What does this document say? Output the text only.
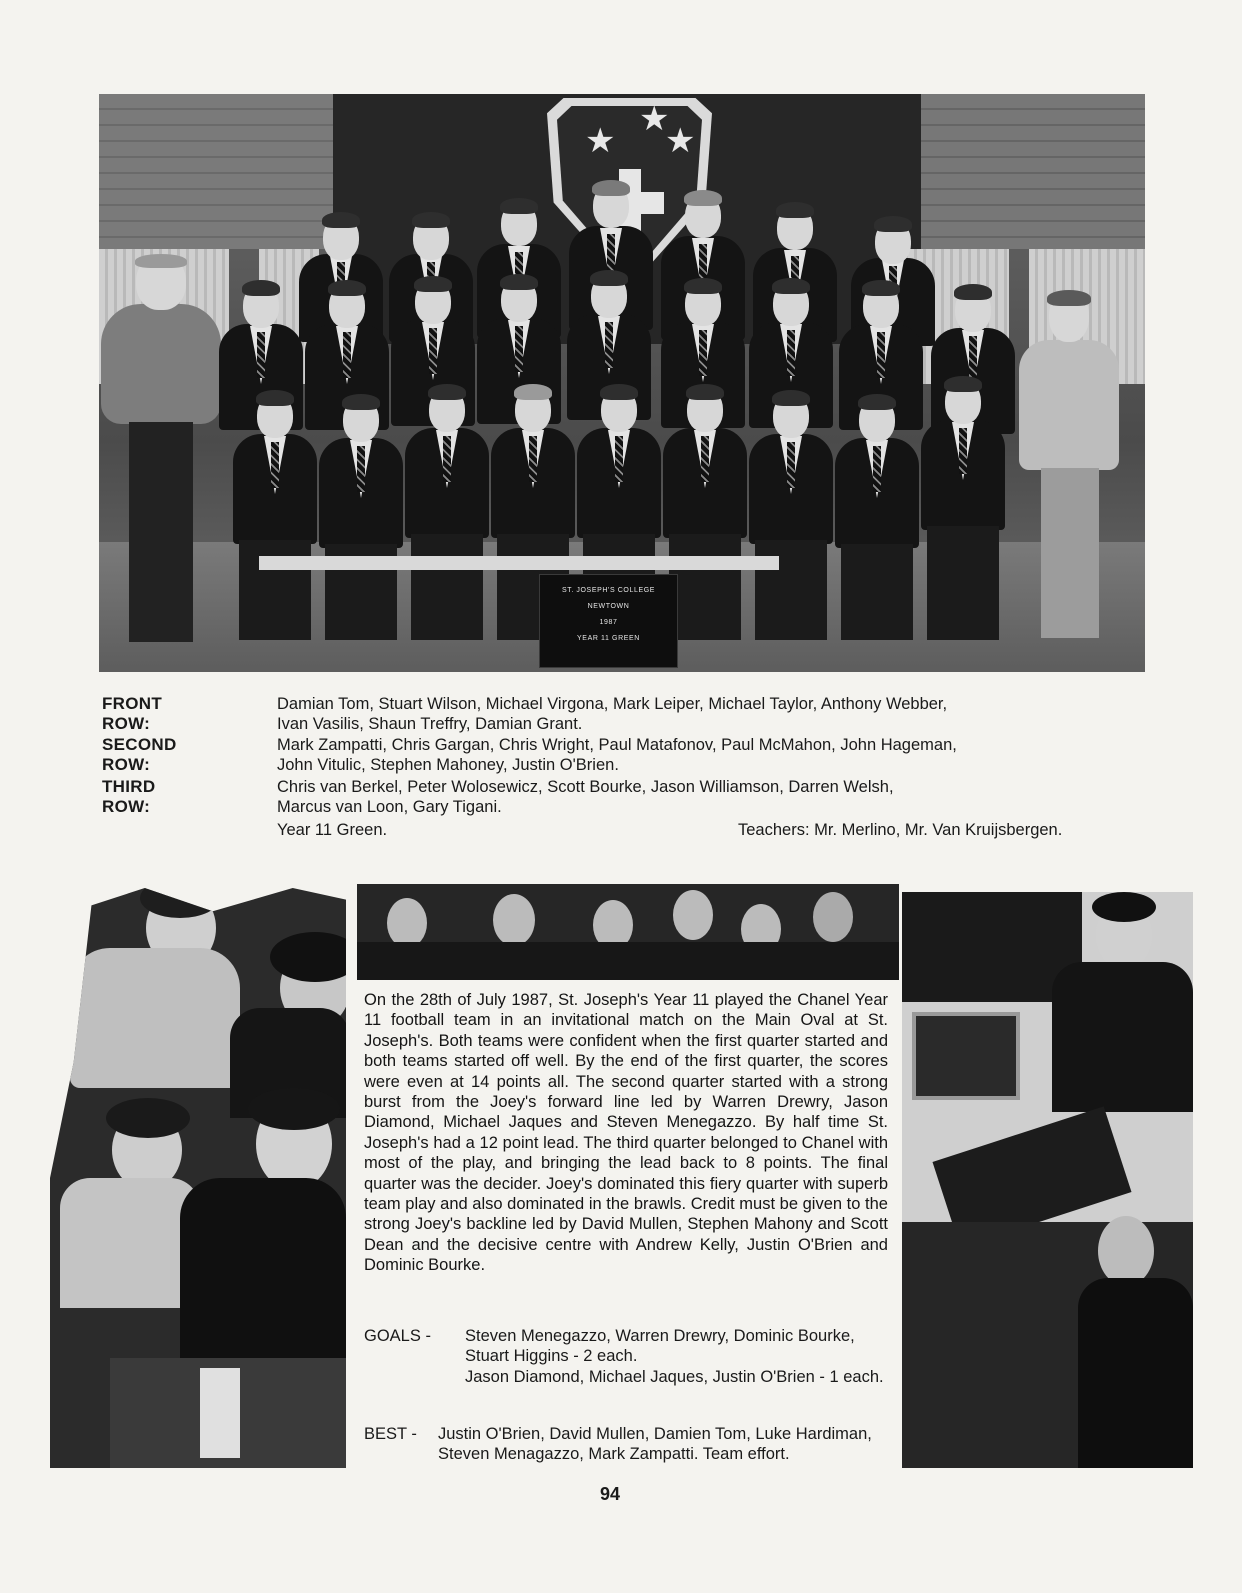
★
★
★
ST. JOSEPH'S COLLEGE
NEWTOWN
1987
YEAR 11 GREEN
FRONT ROW:
Damian Tom, Stuart Wilson, Michael Virgona, Mark Leiper, Michael Taylor, Anthony Webber,
Ivan Vasilis, Shaun Treffry, Damian Grant.
SECOND ROW:
Mark Zampatti, Chris Gargan, Chris Wright, Paul Matafonov, Paul McMahon, John Hageman,
John Vitulic, Stephen Mahoney, Justin O'Brien.
THIRD ROW:
Chris van Berkel, Peter Wolosewicz, Scott Bourke, Jason Williamson, Darren Welsh,
Marcus van Loon, Gary Tigani.
Year 11 Green.	Teachers: Mr. Merlino, Mr. Van Kruijsbergen.
On the 28th of July 1987, St. Joseph's Year 11 played the Chanel Year 11 football team in an invitational match on the Main Oval at St. Joseph's. Both teams were confident when the first quarter started and both teams started off well. By the end of the first quarter, the scores were even at 14 points all. The second quarter started with a strong burst from the Joey's forward line led by Warren Drewry, Jason Diamond, Michael Jaques and Steven Menegazzo. By half time St. Joseph's had a 12 point lead. The third quarter belonged to Chanel with most of the play, and bringing the lead back to 8 points. The final quarter was the decider. Joey's dominated this fiery quarter with superb team play and also dominated in the brawls. Credit must be given to the strong Joey's backline led by David Mullen, Stephen Mahony and Scott Dean and the decisive centre with Andrew Kelly, Justin O'Brien and Dominic Bourke.
GOALS - Steven Menegazzo, Warren Drewry, Dominic Bourke, Stuart Higgins - 2 each.
Jason Diamond, Michael Jaques, Justin O'Brien - 1 each.
BEST - Justin O'Brien, David Mullen, Damien Tom, Luke Hardiman, Steven Menagazzo, Mark Zampatti. Team effort.
94
